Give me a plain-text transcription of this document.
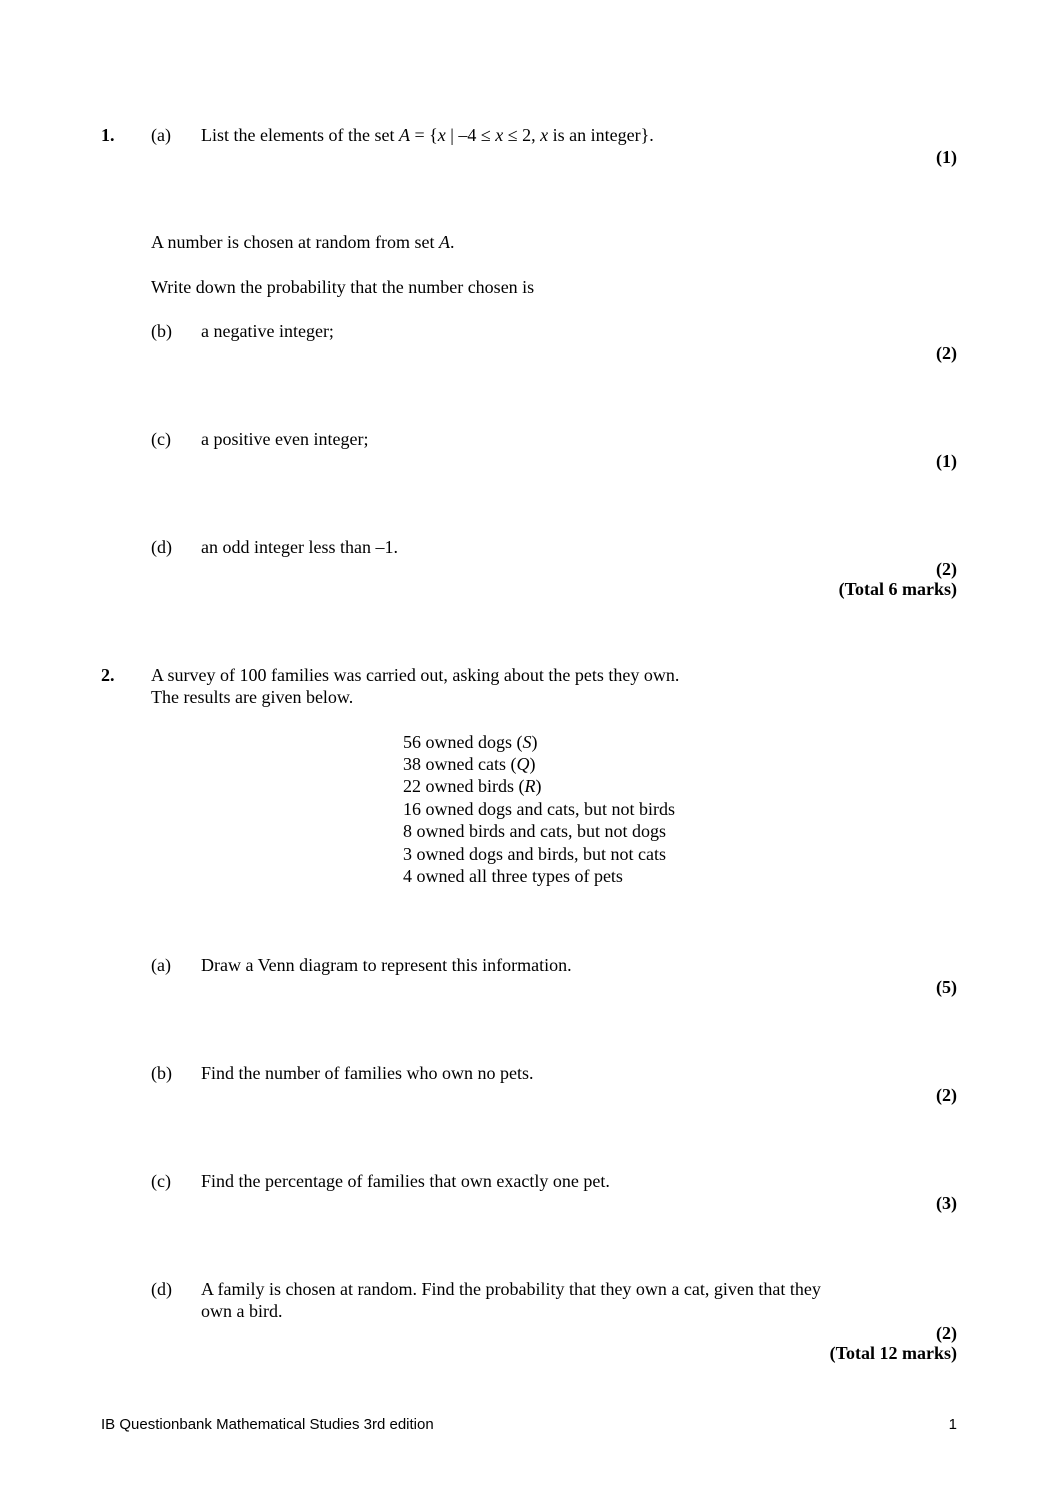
1. (a) List the elements of the set A = {x | –4 ≤ x ≤ 2, x is an integer}.
(1)
A number is chosen at random from set A.
Write down the probability that the number chosen is
(b) a negative integer;
(2)
(c) a positive even integer;
(1)
(d) an odd integer less than –1.
(2)
(Total 6 marks)
2. A survey of 100 families was carried out, asking about the pets they own.
The results are given below.
56 owned dogs (S)
38 owned cats (Q)
22 owned birds (R)
16 owned dogs and cats, but not birds
8 owned birds and cats, but not dogs
3 owned dogs and birds, but not cats
4 owned all three types of pets
(a) Draw a Venn diagram to represent this information.
(5)
(b) Find the number of families who own no pets.
(2)
(c) Find the percentage of families that own exactly one pet.
(3)
(d) A family is chosen at random. Find the probability that they own a cat, given that they
own a bird.
(2)
(Total 12 marks)
IB Questionbank Mathematical Studies 3rd edition	1
